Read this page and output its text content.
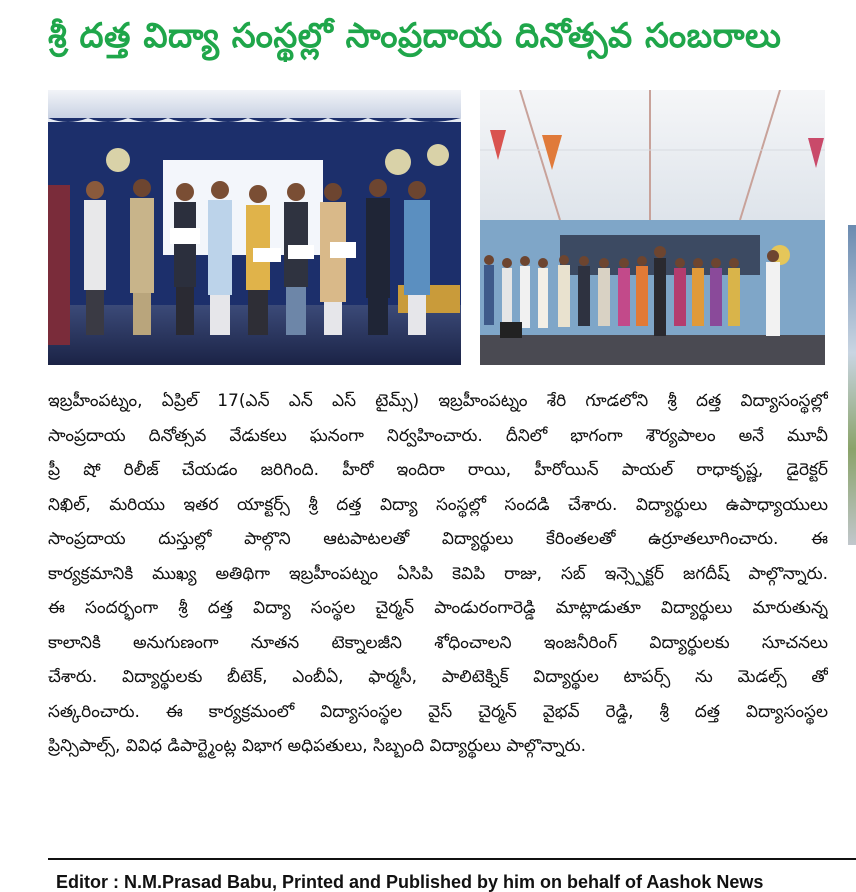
శ్రీ దత్త విద్యా సంస్థల్లో సాంప్రదాయ దినోత్సవ సంబరాలు
ఇబ్రహీంపట్నం, ఏప్రిల్ 17(ఎన్ ఎన్ ఎస్ టైమ్స్) ఇబ్రహీంపట్నం శేరి గూడలోని శ్రీ దత్త విద్యాసంస్థల్లో
సాంప్రదాయ దినోత్సవ వేడుకలు ఘనంగా నిర్వహించారు. దీనిలో భాగంగా శౌర్యపాలం అనే మూవీ
ప్రీ షో రిలీజ్ చేయడం జరిగింది. హీరో ఇందిరా రాయి, హీరోయిన్ పాయల్ రాధాకృష్ణ, డైరెక్టర్
నిఖిల్, మరియు ఇతర యాక్టర్స్ శ్రీ దత్త విద్యా సంస్థల్లో సందడి చేశారు. విద్యార్థులు ఉపాధ్యాయులు
సాంప్రదాయ దుస్తుల్లో పాల్గొని ఆటపాటలతో విద్యార్థులు కేరింతలతో ఉర్రూతలూగించారు. ఈ
కార్యక్రమానికి ముఖ్య అతిథిగా ఇబ్రహీంపట్నం ఏసిపి కెవిపి రాజు, సబ్ ఇన్స్పెక్టర్ జగదీష్ పాల్గొన్నారు.
ఈ సందర్భంగా శ్రీ దత్త విద్యా సంస్థల చైర్మన్ పాండురంగారెడ్డి మాట్లాడుతూ విద్యార్థులు మారుతున్న
కాలానికి అనుగుణంగా నూతన టెక్నాలజీని శోధించాలని ఇంజనీరింగ్ విద్యార్థులకు సూచనలు
చేశారు. విద్యార్థులకు బీటెక్, ఎంబీఏ, ఫార్మసీ, పాలిటెక్నిక్ విద్యార్థుల టాపర్స్ ను మెడల్స్ తో
సత్కరించారు. ఈ కార్యక్రమంలో విద్యాసంస్థల వైస్ చైర్మన్ వైభవ్ రెడ్డి, శ్రీ దత్త విద్యాసంస్థల
ప్రిన్సిపాల్స్, వివిధ డిపార్ట్మెంట్ల విభాగ అధిపతులు, సిబ్బంది విద్యార్థులు పాల్గొన్నారు.
Editor : N.M.Prasad Babu, Printed and Published by him on behalf of Aashok News
